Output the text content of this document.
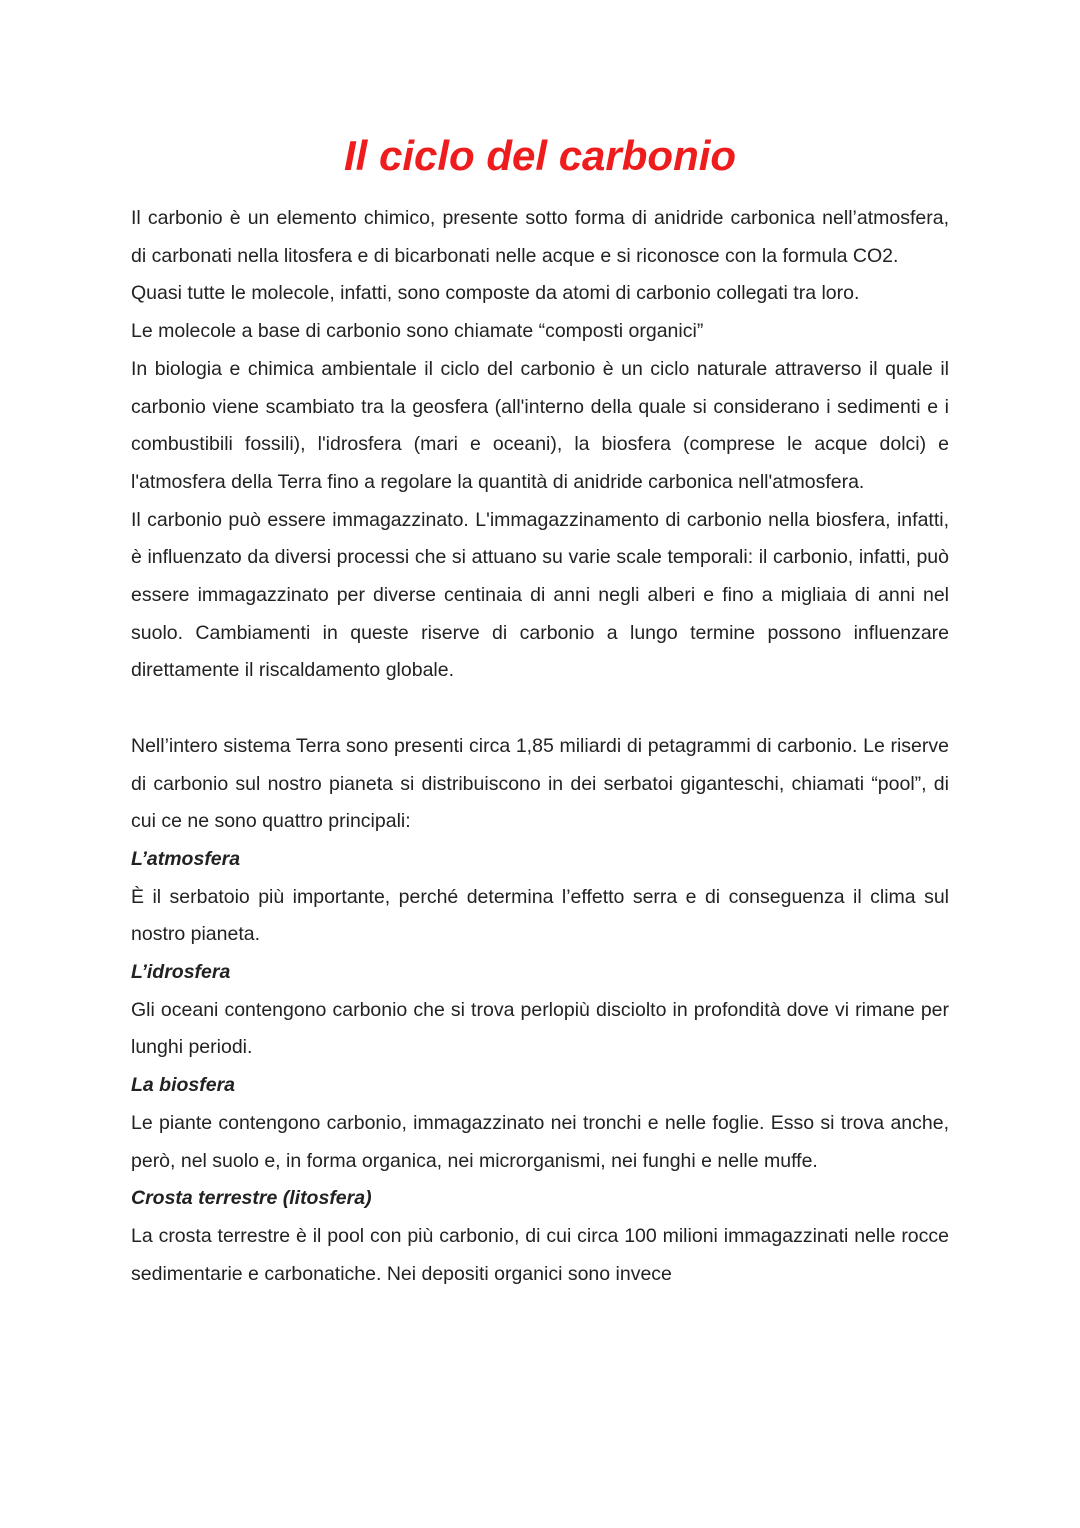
Il ciclo del carbonio

Il carbonio è un elemento chimico, presente sotto forma di anidride carbonica nell’atmosfera, di carbonati nella litosfera e di bicarbonati nelle acque e si riconosce con la formula CO2.

Quasi tutte le molecole, infatti, sono composte da atomi di carbonio collegati tra loro.

Le molecole a base di carbonio sono chiamate “composti organici”

In biologia e chimica ambientale il ciclo del carbonio è un ciclo naturale attraverso il quale il carbonio viene scambiato tra la geosfera (all'interno della quale si considerano i sedimenti e i combustibili fossili), l'idrosfera (mari e oceani), la biosfera (comprese le acque dolci) e l'atmosfera della Terra fino a regolare la quantità di anidride carbonica nell'atmosfera.

Il carbonio può essere immagazzinato. L'immagazzinamento di carbonio nella biosfera, infatti, è influenzato da diversi processi che si attuano su varie scale temporali: il carbonio, infatti, può essere immagazzinato per diverse centinaia di anni negli alberi e fino a migliaia di anni nel suolo. Cambiamenti in queste riserve di carbonio a lungo termine possono influenzare direttamente il riscaldamento globale.

Nell’intero sistema Terra sono presenti circa 1,85 miliardi di petagrammi di carbonio. Le riserve di carbonio sul nostro pianeta si distribuiscono in dei serbatoi giganteschi, chiamati “pool”, di cui ce ne sono quattro principali:

L’atmosfera

È il serbatoio più importante, perché determina l’effetto serra e di conseguenza il clima sul nostro pianeta.

L’idrosfera

Gli oceani contengono carbonio che si trova perlopiù disciolto in profondità dove vi rimane per lunghi periodi.

La biosfera

Le piante contengono carbonio, immagazzinato nei tronchi e nelle foglie. Esso si trova anche, però, nel suolo e, in forma organica, nei microrganismi, nei funghi e nelle muffe.

Crosta terrestre (litosfera)

La crosta terrestre è il pool con più carbonio, di cui circa 100 milioni immagazzinati nelle rocce sedimentarie e carbonatiche. Nei depositi organici sono invece
